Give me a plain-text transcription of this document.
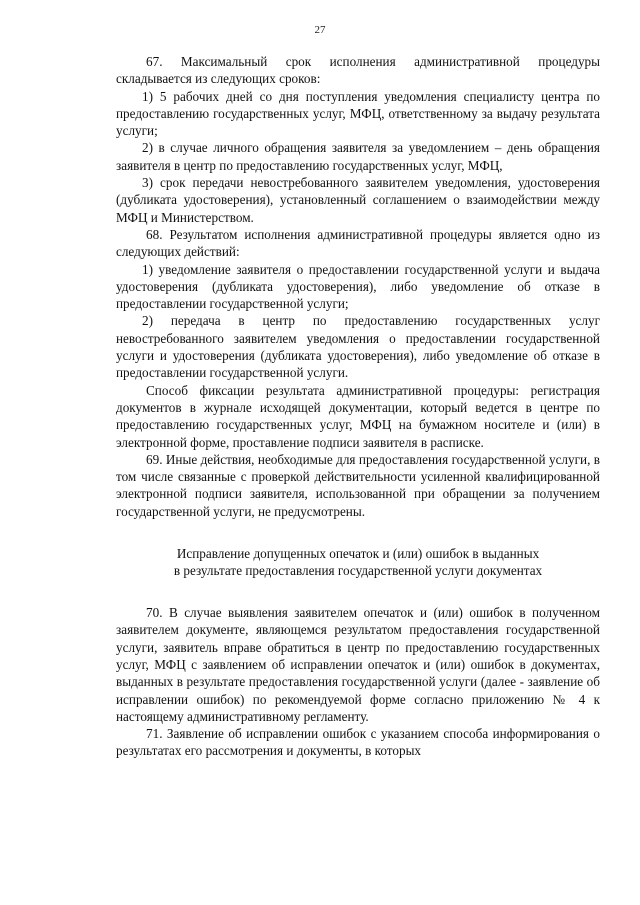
27

67. Максимальный срок исполнения административной процедуры складывается из следующих сроков:

1) 5 рабочих дней со дня поступления уведомления специалисту центра по предоставлению государственных услуг, МФЦ, ответственному за выдачу результата услуги;

2) в случае личного обращения заявителя за уведомлением – день обращения заявителя в центр по предоставлению государственных услуг, МФЦ,

3) срок передачи невостребованного заявителем уведомления, удостоверения (дубликата удостоверения), установленный соглашением о взаимодействии между МФЦ и Министерством.

68. Результатом исполнения административной процедуры является одно из следующих действий:

1) уведомление заявителя о предоставлении государственной услуги и выдача удостоверения (дубликата удостоверения), либо уведомление об отказе в предоставлении государственной услуги;

2) передача в центр по предоставлению государственных услуг невостребованного заявителем уведомления о предоставлении государственной услуги и удостоверения (дубликата удостоверения), либо уведомление об отказе в предоставлении государственной услуги.

Способ фиксации результата административной процедуры: регистрация документов в журнале исходящей документации, который ведется в центре по предоставлению государственных услуг, МФЦ на бумажном носителе и (или) в электронной форме, проставление подписи заявителя в расписке.

69. Иные действия, необходимые для предоставления государственной услуги, в том числе связанные с проверкой действительности усиленной квалифицированной электронной подписи заявителя, использованной при обращении за получением государственной услуги, не предусмотрены.

Исправление допущенных опечаток и (или) ошибок в выданных
в результате предоставления государственной услуги документах

70. В случае выявления заявителем опечаток и (или) ошибок в полученном заявителем документе, являющемся результатом предоставления государственной услуги, заявитель вправе обратиться в центр по предоставлению государственных услуг, МФЦ с заявлением об исправлении опечаток и (или) ошибок в документах, выданных в результате предоставления государственной услуги (далее - заявление об исправлении ошибок) по рекомендуемой форме согласно приложению № 4 к настоящему административному регламенту.

71. Заявление об исправлении ошибок с указанием способа информирования о результатах его рассмотрения и документы, в которых
